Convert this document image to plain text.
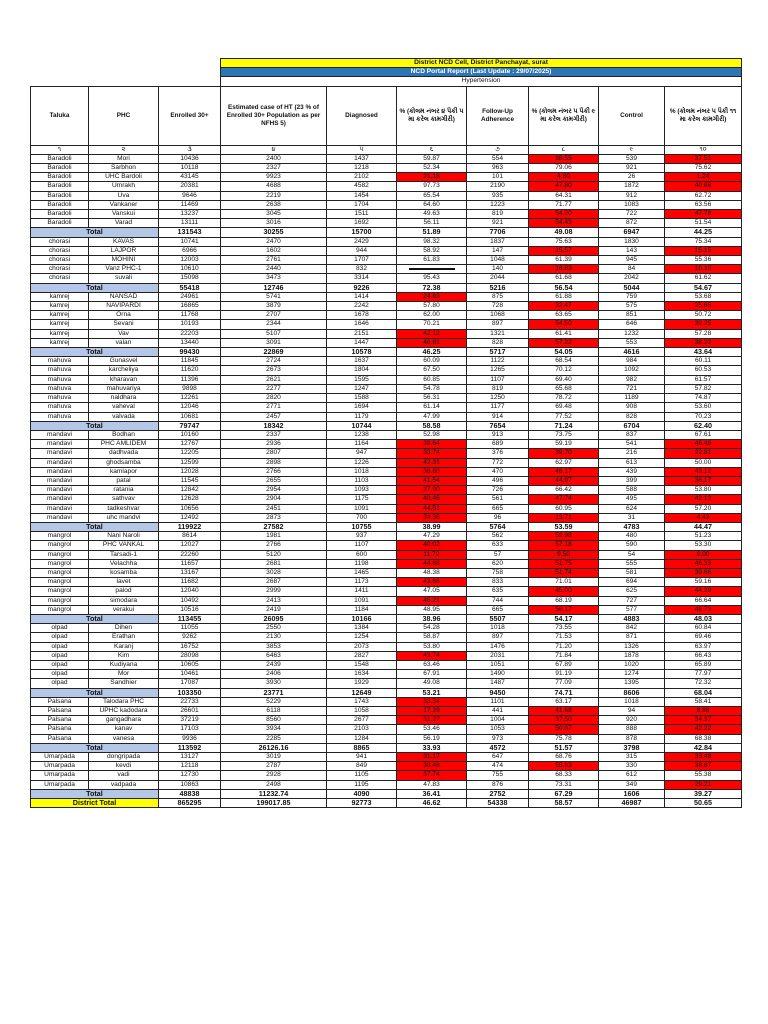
			District NCD Cell, District Panchayat, surat						
			NCD Portal Report (Last Update : 29/07/2025)						
			Hypertension						
Taluka	PHC	Enrolled 30+	Estimated case of HT (23 % of Enrolled 30+ Population as per NFHS 5)	Diagnosed	% (કોલમ નંબર ૪ પૈકી ૫ મા કરેલ કામગીરી)	Follow-Up Adherence	% (કોલમ નંબર ૫ પૈકી ૯ મા કરેલ કામગીરી)	Control	% (કોલમ નંબર ૫ પૈકી ૧૧ મા કરેલ કામગીરી)
૧	૨	૩	૪	૫	૬	૭	૮	૯	૧૦
Baradoli	Mori	10436	2400	1437	59.87	554	38.55	539	37.51
Baradoli	Sarbhon	10118	2327	1218	52.34	963	79.06	921	75.62
Baradoli	UHC Bardoli	43145	9923	2102	21.18	101	4.80	26	1.24
Baradoli	Umrakh	20381	4688	4582	97.73	2190	47.80	1872	40.86
Baradoli	Uva	9646	2219	1454	65.54	935	64.31	912	62.72
Baradoli	Vankaner	11469	2638	1704	64.60	1223	71.77	1083	63.56
Baradoli	Vanskui	13237	3045	1511	49.63	819	54.20	722	47.78
Baradoli	Varad	13111	3016	1692	56.11	921	54.43	872	51.54
Total		131543	30255	15700	51.89	7706	49.08	6947	44.25
chorasi	KAVAS	10741	2470	2429	98.32	1837	75.63	1830	75.34
chorasi	LAJPOR	6966	1602	944	58.92	147	15.57	143	15.15
chorasi	MOHINI	12003	2761	1707	61.83	1048	61.39	945	55.36
chorasi	Vanz PHC-1	10610	2440	832		140	16.83	84	10.10
chorasi	suvali	15098	3473	3314	95.43	2044	61.68	2042	61.62
Total		55418	12746	9226	72.38	5216	56.54	5044	54.67
kamrej	NANSAD	24961	5741	1414	24.63	875	61.88	759	53.68
kamrej	NAVIPARDI	16865	3879	2242	57.80	728	32.47	575	25.65
kamrej	Orna	11768	2707	1678	62.00	1068	63.65	851	50.72
kamrej	Sevani	10193	2344	1646	70.21	897	54.50	646	39.25
kamrej	Vav	22203	5107	2151	42.12	1321	61.41	1232	57.28
kamrej	valan	13440	3091	1447	46.81	828	57.22	553	38.22
Total		99430	22869	10578	46.25	5717	54.05	4616	43.64
mahuva	Gunasvel	11845	2724	1637	60.09	1122	68.54	984	60.11
mahuva	karcheliya	11620	2673	1804	67.50	1265	70.12	1092	60.53
mahuva	kharavan	11396	2621	1595	60.85	1107	69.40	982	61.57
mahuva	mahuvariya	9898	2277	1247	54.78	819	65.68	721	57.82
mahuva	naldhara	12261	2820	1588	56.31	1250	78.72	1189	74.87
mahuva	vaheval	12046	2771	1694	61.14	1177	69.48	908	53.60
mahuva	valvada	10681	2457	1179	47.99	914	77.52	828	70.23
Total		79747	18342	10744	58.58	7654	71.24	6704	62.40
mandavi	Bodhan	10160	2337	1238	52.98	913	73.75	837	67.61
mandavi	PHC AMLIDEM	12767	2936	1164	39.64	689	59.19	541	46.48
mandavi	dadhvada	12205	2807	947	33.74	376	39.70	216	22.81
mandavi	ghodsamba	12599	2898	1226	42.31	772	62.97	613	50.00
mandavi	kamlapor	12028	2766	1018	36.80	470	46.17	439	43.12
mandavi	patal	11545	2655	1103	41.54	496	44.97	399	36.17
mandavi	ratania	12842	2954	1093	37.00	726	66.42	588	53.80
mandavi	sathvav	12628	2904	1175	40.46	561	47.74	495	42.13
mandavi	tadkeshvar	10656	2451	1091	44.51	665	60.95	624	57.20
mandavi	uhc mandvi	12492	2873	700	24.36	96	13.71	31	4.43
Total		119922	27582	10755	38.99	5764	53.59	4783	44.47
mangrol	Nani Naroli	8614	1981	937	47.29	562	59.98	480	51.23
mangrol	PHC VANKAL	12027	2766	1107	40.02	633	57.18	590	53.30
mangrol	Tarsadi-1	22260	5120	600	11.72	57	9.50	54	9.00
mangrol	Velachha	11657	2681	1198	44.68	620	51.75	555	46.33
mangrol	kosamba	13167	3028	1465	48.38	758	51.74	581	39.66
mangrol	lavet	11682	2687	1173	43.66	833	71.01	694	59.16
mangrol	palod	12040	2999	1411	47.05	635	45.00	625	44.29
mangrol	simodara	10492	2413	1091	45.21	744	68.19	727	66.64
mangrol	verakui	10516	2419	1184	48.95	665	56.17	577	48.73
Total		113455	26095	10166	38.96	5507	54.17	4883	48.03
olpad	Dihen	11055	2550	1384	54.28	1018	73.55	842	60.84
olpad	Erathan	9262	2130	1254	58.87	897	71.53	871	69.46
olpad	Karanj	16752	3853	2073	53.80	1476	71.20	1326	63.97
olpad	Kim	28098	6463	2827	43.74	2031	71.84	1878	66.43
olpad	Kudiyana	10605	2439	1548	63.46	1051	67.89	1020	65.89
olpad	Mor	10461	2406	1634	67.91	1490	91.19	1274	77.97
olpad	Sandhier	17087	3930	1929	49.08	1487	77.09	1395	72.32
Total		103350	23771	12649	53.21	9450	74.71	8606	68.04
Palsana	Talodara PHC	22733	5229	1743	33.34	1101	63.17	1018	58.41
Palsana	UPHC kadodara	26601	6118	1058	17.29	441	41.68	94	8.88
Palsana	gangadhara	37219	8560	2677	31.27	1004	37.50	920	34.37
Palsana	kanav	17103	3934	2103	53.46	1053	50.07	888	42.22
Palsana	vanesa	9936	2285	1284	56.19	973	75.78	878	68.38
Total		113592	26126.16	8865	33.93	4572	51.57	3798	42.84
Umarpada	dongripada	13127	3019	941	31.17	647	68.76	315	33.48
Umarpada	kevdi	12118	2787	849	30.46	474	55.83	330	38.87
Umarpada	vadi	12730	2928	1105	37.74	755	68.33	612	55.38
Umarpada	vadpada	10863	2498	1195	47.83	876	73.31	349	29.21
Total		48838	11232.74	4090	36.41	2752	67.29	1606	39.27
District Total		865295	199017.85	92773	46.62	54338	58.57	46987	50.65
